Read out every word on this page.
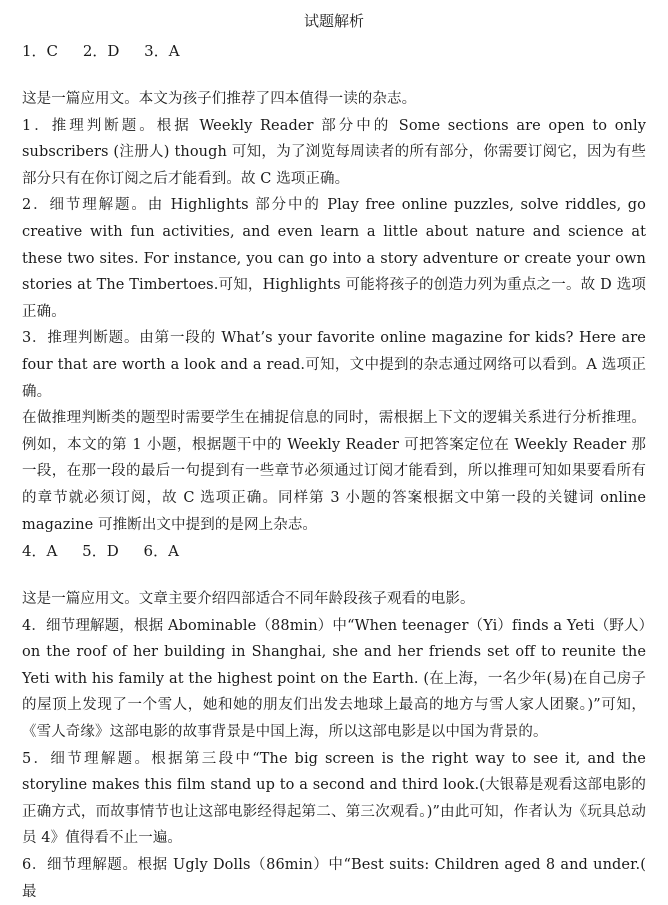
试题解析
1．C 2．D 3．A

这是一篇应用文。本文为孩子们推荐了四本值得一读的杂志。

1．推理判断题。根据 Weekly Reader 部分中的 Some sections are open to only subscribers (注册人) though 可知，为了浏览每周读者的所有部分，你需要订阅它，因为有些部分只有在你订阅之后才能看到。故 C 选项正确。

2．细节理解题。由 Highlights 部分中的 Play free online puzzles, solve riddles, go creative with fun activities, and even learn a little about nature and science at these two sites. For instance, you can go into a story adventure or create your own stories at The Timbertoes.可知，Highlights 可能将孩子的创造力列为重点之一。故 D 选项正确。

3．推理判断题。由第一段的 What’s your favorite online magazine for kids? Here are four that are worth a look and a read.可知，文中提到的杂志通过网络可以看到。A 选项正确。

在做推理判断类的题型时需要学生在捕捉信息的同时，需根据上下文的逻辑关系进行分析推理。例如，本文的第 1 小题，根据题干中的 Weekly Reader 可把答案定位在 Weekly Reader 那一段，在那一段的最后一句提到有一些章节必须通过订阅才能看到，所以推理可知如果要看所有的章节就必须订阅，故 C 选项正确。同样第 3 小题的答案根据文中第一段的关键词 online magazine 可推断出文中提到的是网上杂志。

4．A 5．D 6．A

这是一篇应用文。文章主要介绍四部适合不同年龄段孩子观看的电影。

4．细节理解题，根据 Abominable（88min）中“When teenager（Yi）finds a Yeti（野人）on the roof of her building in Shanghai, she and her friends set off to reunite the Yeti with his family at the highest point on the Earth. (在上海，一名少年(易)在自己房子的屋顶上发现了一个雪人，她和她的朋友们出发去地球上最高的地方与雪人家人团聚。)”可知，《雪人奇缘》这部电影的故事背景是中国上海，所以这部电影是以中国为背景的。

5．细节理解题。根据第三段中“The big screen is the right way to see it, and the storyline makes this film stand up to a second and third look.(大银幕是观看这部电影的正确方式，而故事情节也让这部电影经得起第二、第三次观看。)”由此可知，作者认为《玩具总动员 4》值得看不止一遍。

6．细节理解题。根据 Ugly Dolls（86min）中“Best suits: Children aged 8 and under.( 最
